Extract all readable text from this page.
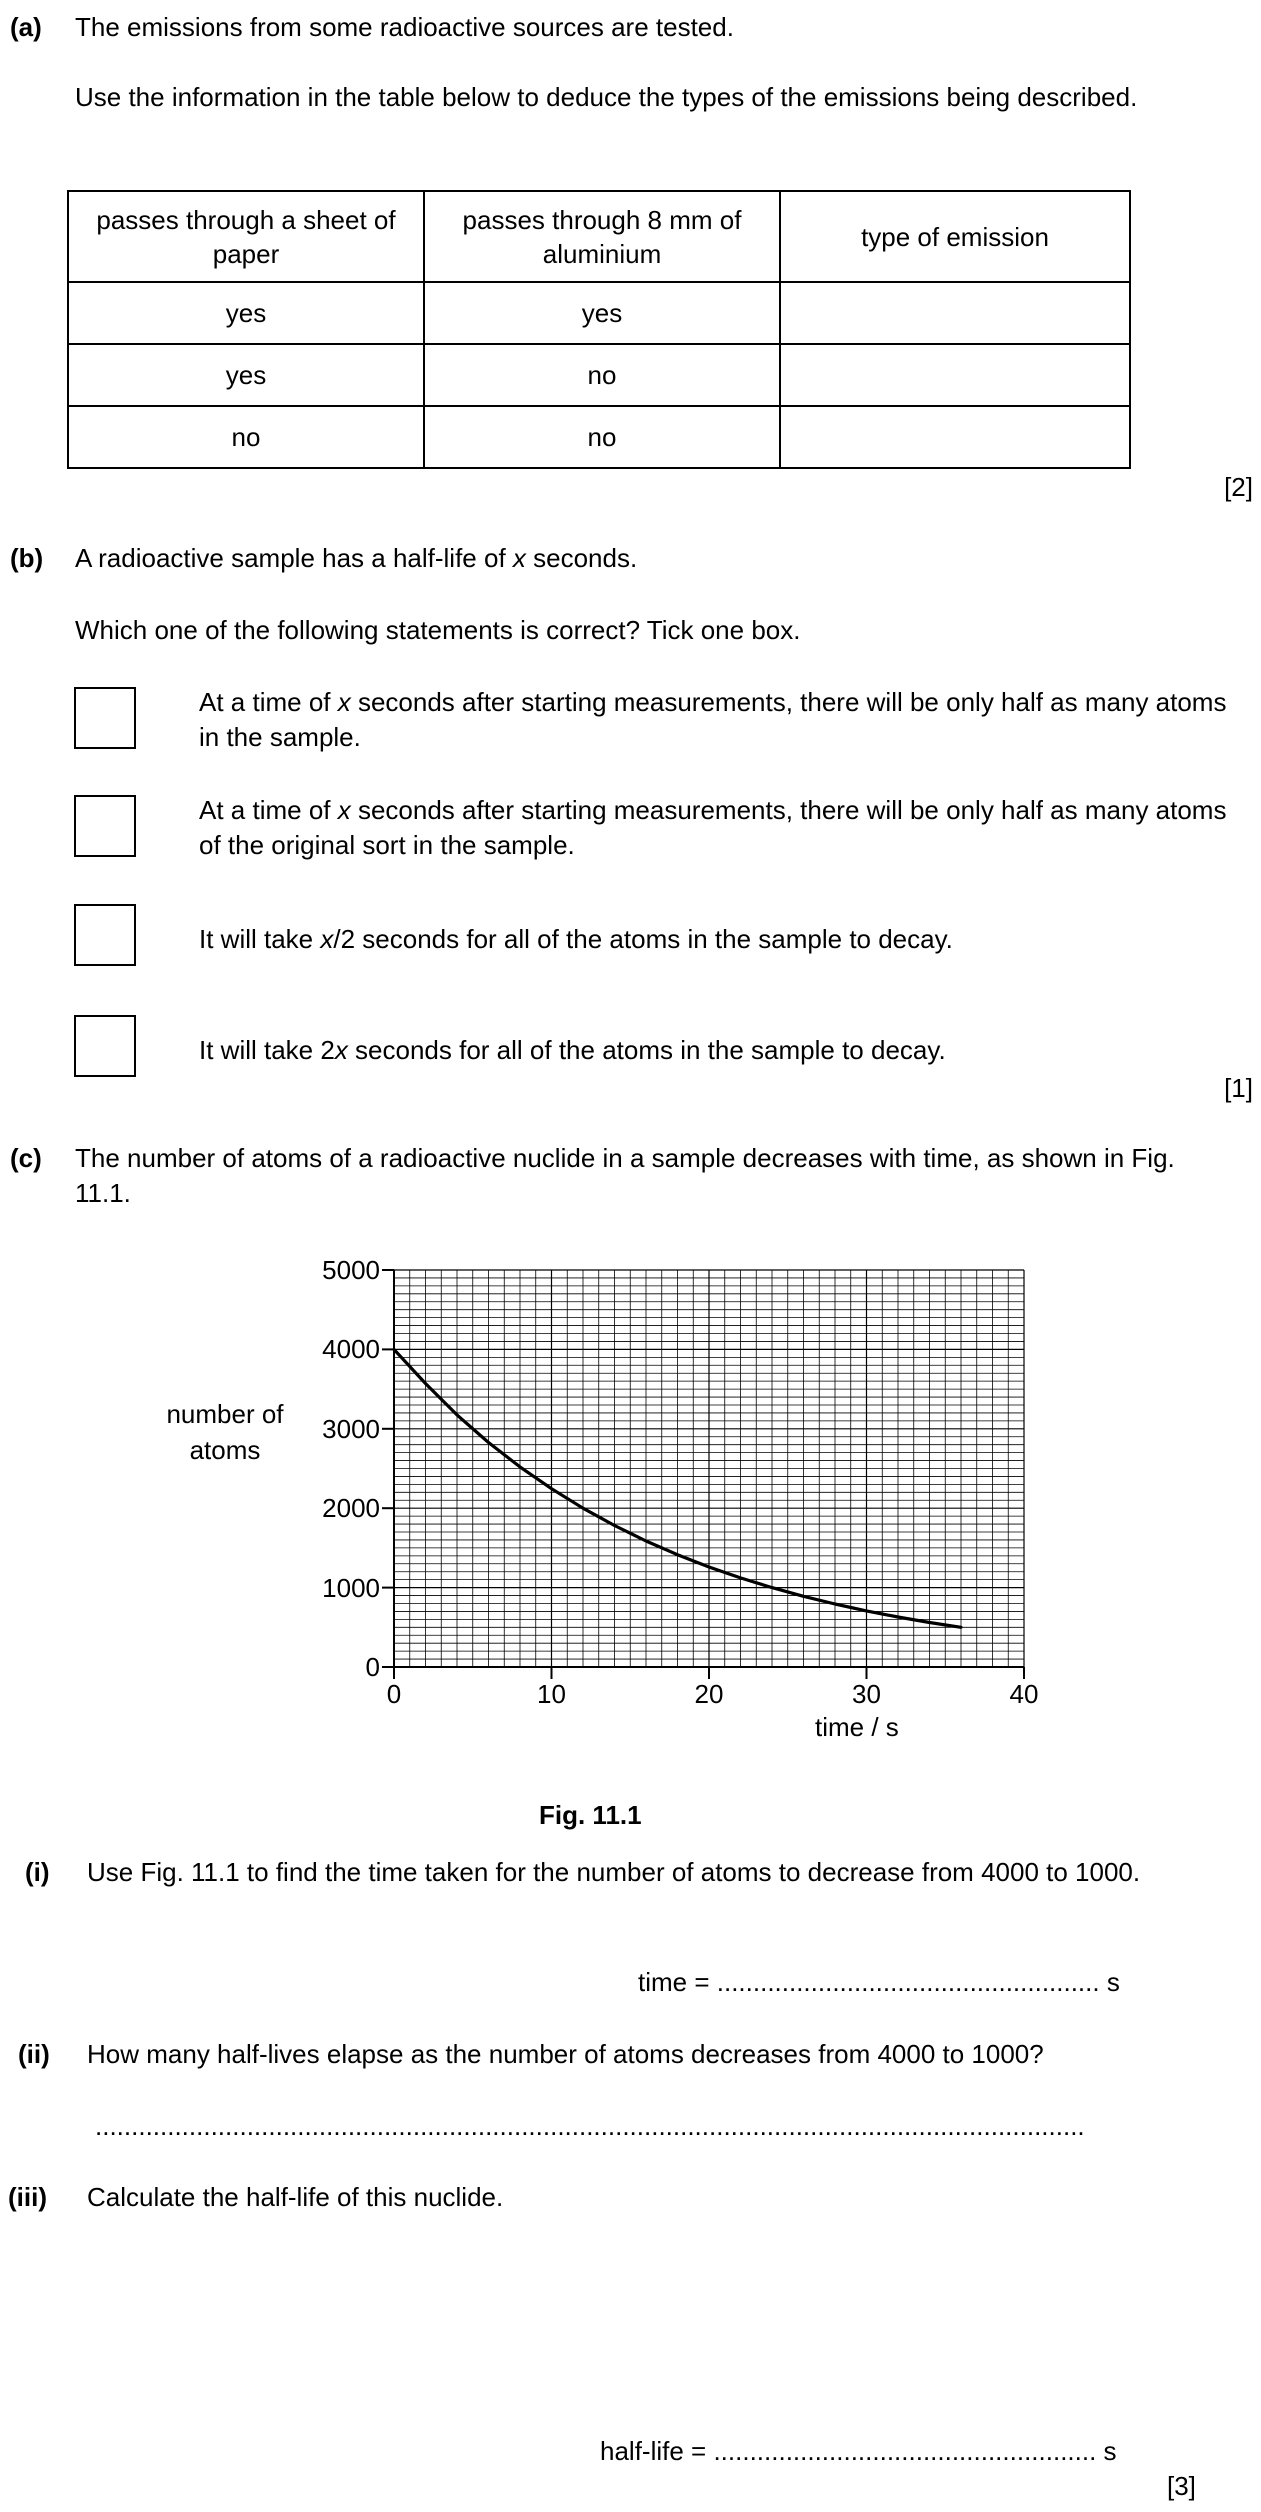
(a) The emissions from some radioactive sources are tested.
Use the information in the table below to deduce the types of the emissions being described.
passes through a sheet of paper	passes through 8 mm of aluminium	type of emission
yes	yes	
yes	no	
no	no	
[2]
(b) A radioactive sample has a half-life of x seconds.
Which one of the following statements is correct? Tick one box.
At a time of x seconds after starting measurements, there will be only half as many atoms in the sample.
At a time of x seconds after starting measurements, there will be only half as many atoms of the original sort in the sample.
It will take x/2 seconds for all of the atoms in the sample to decay.
It will take 2x seconds for all of the atoms in the sample to decay.
[1]
(c) The number of atoms of a radioactive nuclide in a sample decreases with time, as shown in Fig. 11.1.
number of
atoms
0
1000
2000
3000
4000
5000
0	10	20	30	40
time / s
Fig. 11.1
(i) Use Fig. 11.1 to find the time taken for the number of atoms to decrease from 4000 to 1000.
time = ..................................................... s
(ii) How many half-lives elapse as the number of atoms decreases from 4000 to 1000?
.........................................................................................................................................
(iii) Calculate the half-life of this nuclide.
half-life = ..................................................... s
[3]
